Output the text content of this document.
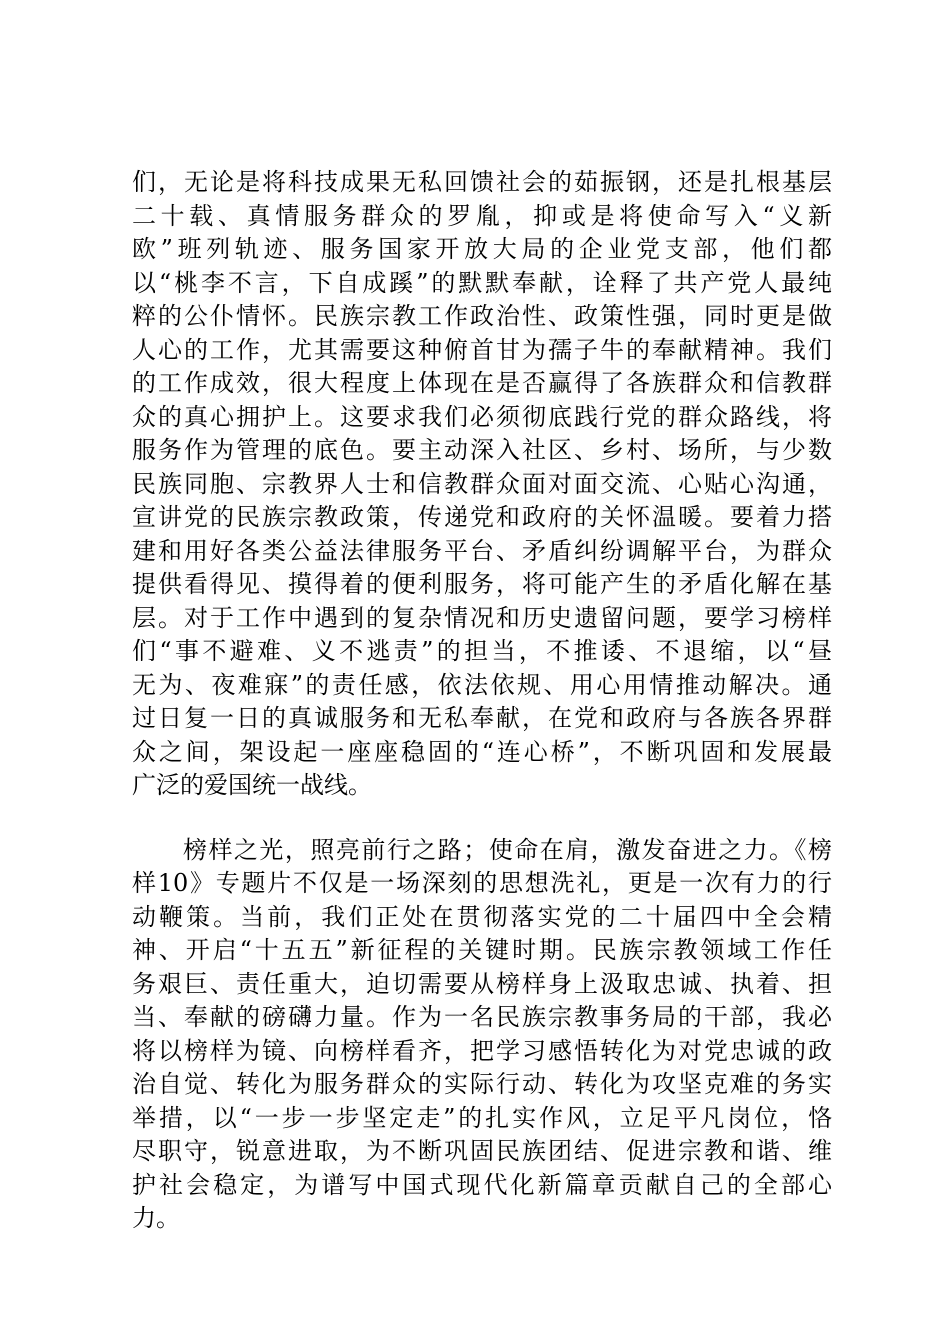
们，无论是将科技成果无私回馈社会的茹振钢，还是扎根基层
二十载、真情服务群众的罗胤，抑或是将使命写入“义新
欧”班列轨迹、服务国家开放大局的企业党支部，他们都
以“桃李不言，下自成蹊”的默默奉献，诠释了共产党人最纯
粹的公仆情怀。民族宗教工作政治性、政策性强，同时更是做
人心的工作，尤其需要这种俯首甘为孺子牛的奉献精神。我们
的工作成效，很大程度上体现在是否赢得了各族群众和信教群
众的真心拥护上。这要求我们必须彻底践行党的群众路线，将
服务作为管理的底色。要主动深入社区、乡村、场所，与少数
民族同胞、宗教界人士和信教群众面对面交流、心贴心沟通，
宣讲党的民族宗教政策，传递党和政府的关怀温暖。要着力搭
建和用好各类公益法律服务平台、矛盾纠纷调解平台，为群众
提供看得见、摸得着的便利服务，将可能产生的矛盾化解在基
层。对于工作中遇到的复杂情况和历史遗留问题，要学习榜样
们“事不避难、义不逃责”的担当，不推诿、不退缩，以“昼
无为、夜难寐”的责任感，依法依规、用心用情推动解决。通
过日复一日的真诚服务和无私奉献，在党和政府与各族各界群
众之间，架设起一座座稳固的“连心桥”，不断巩固和发展最
广泛的爱国统一战线。
　　榜样之光，照亮前行之路；使命在肩，激发奋进之力。《榜
样10》专题片不仅是一场深刻的思想洗礼，更是一次有力的行
动鞭策。当前，我们正处在贯彻落实党的二十届四中全会精
神、开启“十五五”新征程的关键时期。民族宗教领域工作任
务艰巨、责任重大，迫切需要从榜样身上汲取忠诚、执着、担
当、奉献的磅礴力量。作为一名民族宗教事务局的干部，我必
将以榜样为镜、向榜样看齐，把学习感悟转化为对党忠诚的政
治自觉、转化为服务群众的实际行动、转化为攻坚克难的务实
举措，以“一步一步坚定走”的扎实作风，立足平凡岗位，恪
尽职守，锐意进取，为不断巩固民族团结、促进宗教和谐、维
护社会稳定，为谱写中国式现代化新篇章贡献自己的全部心
力。
